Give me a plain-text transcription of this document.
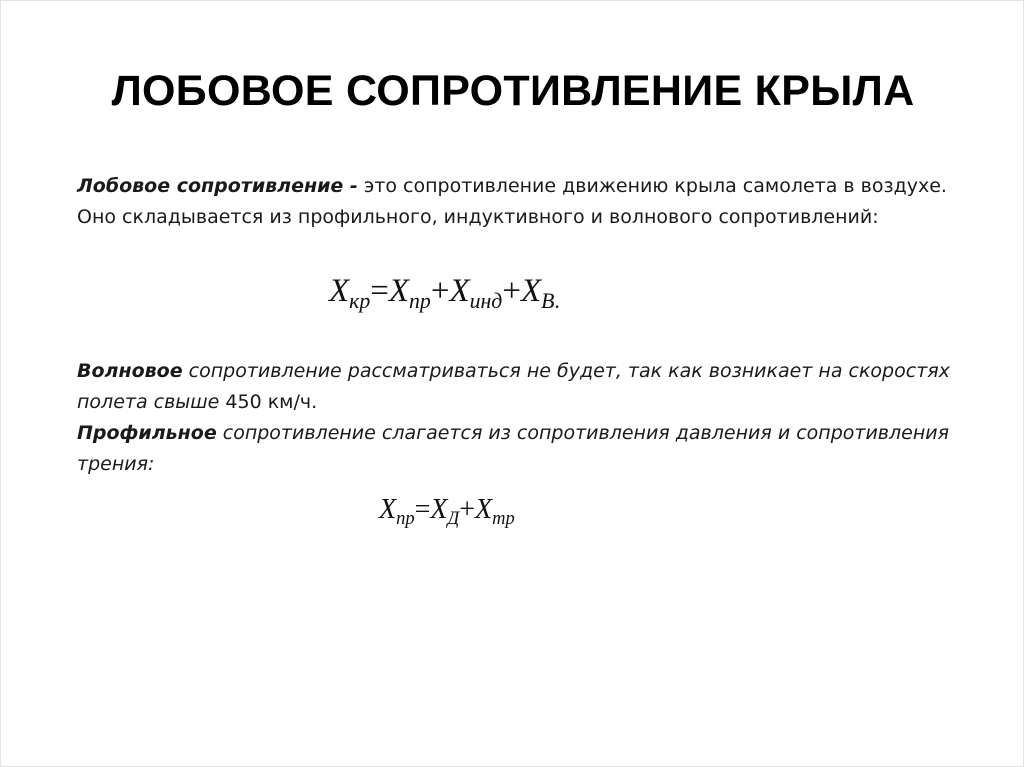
ЛОБОВОЕ СОПРОТИВЛЕНИЕ КРЫЛА
Лобовое сопротивление - это сопротивление движению крыла самолета в воздухе. Оно складывается из профильного, индуктивного и волнового сопротивлений:
$X_{кр}=X_{пр}+X_{инд}+X_{В.}$
Волновое сопротивление рассматриваться не будет, так как возникает на скоростях полета свыше 450 км/ч.
Профильное сопротивление слагается из сопротивления давления и сопротивления трения:
$X_{пр}=X_Д+X_{тр}$
